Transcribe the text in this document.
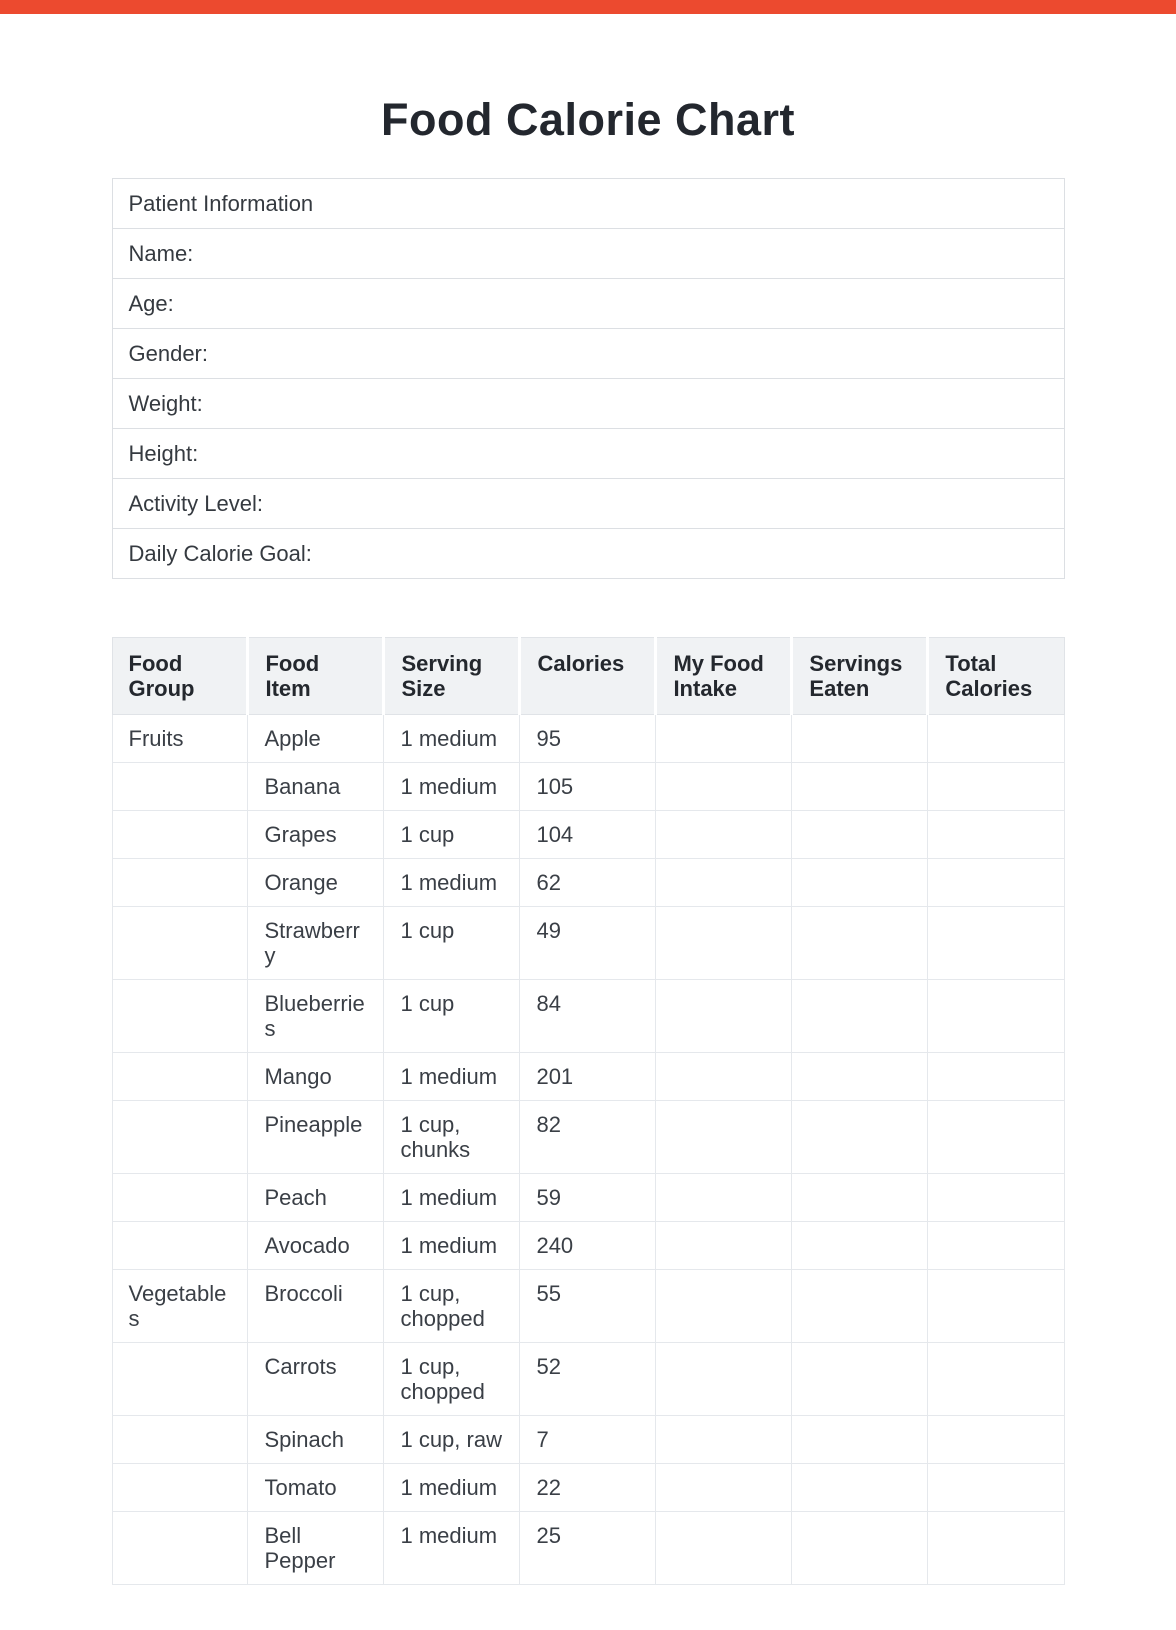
Food Calorie Chart
Patient Information
Name:
Age:
Gender:
Weight:
Height:
Activity Level:
Daily Calorie Goal:
Food Group	Food Item	Serving Size	Calories	My Food Intake	Servings Eaten	Total Calories
Fruits	Apple	1 medium	95			
	Banana	1 medium	105			
	Grapes	1 cup	104			
	Orange	1 medium	62			
	Strawberry	1 cup	49			
	Blueberries	1 cup	84			
	Mango	1 medium	201			
	Pineapple	1 cup, chunks	82			
	Peach	1 medium	59			
	Avocado	1 medium	240			
Vegetables	Broccoli	1 cup, chopped	55			
	Carrots	1 cup, chopped	52			
	Spinach	1 cup, raw	7			
	Tomato	1 medium	22			
	Bell Pepper	1 medium	25			
